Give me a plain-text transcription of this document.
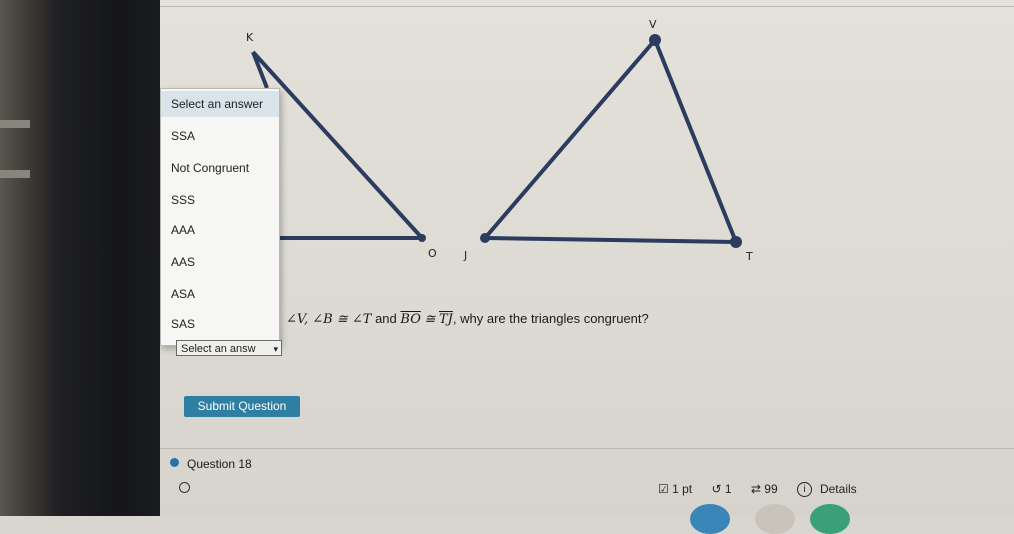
K
O
V
J	T
Select an answer
SSA
Not Congruent
SSS
AAA
AAS
ASA
SAS
Select an answ ▾
∠V, ∠B ≅ ∠T and $\overline{BO}$ ≅ $\overline{TJ}$, why are the triangles congruent?
Submit Question
Question 18
☑ 1 pt ↺ 1 ⇄ 99	i Details
